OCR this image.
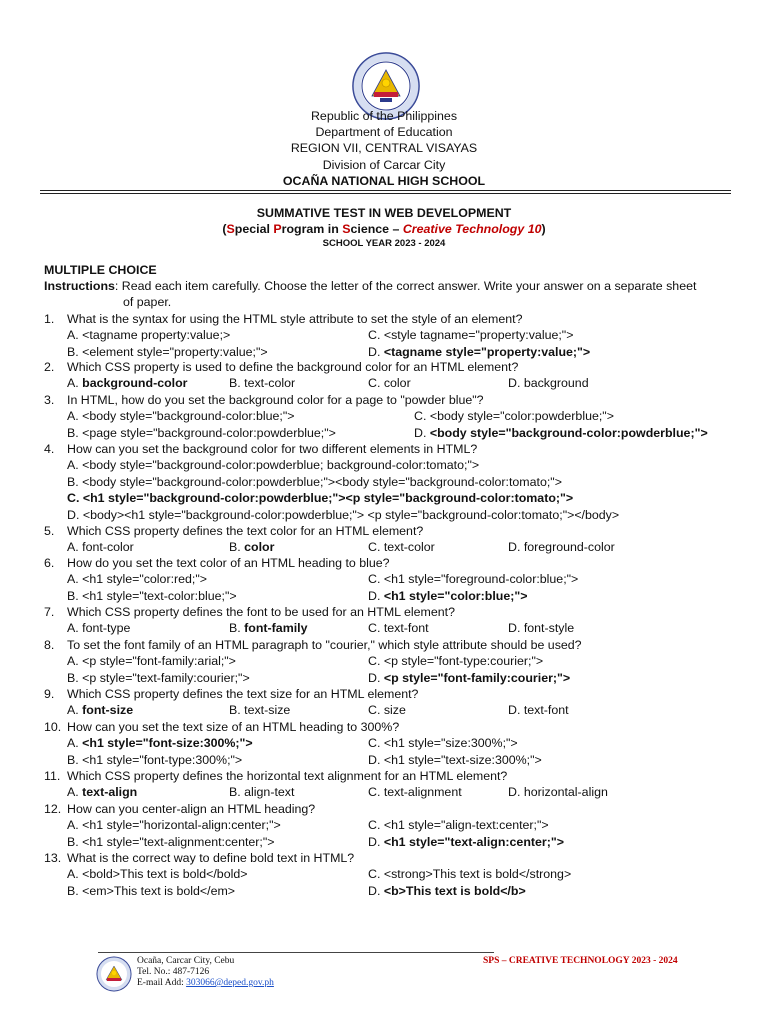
Republic of the Philippines
Department of Education
REGION VII, CENTRAL VISAYAS
Division of Carcar City
OCAÑA NATIONAL HIGH SCHOOL
SUMMATIVE TEST IN WEB DEVELOPMENT
(Special Program in Science – Creative Technology 10)
SCHOOL YEAR 2023 - 2024
MULTIPLE CHOICE
Instructions: Read each item carefully. Choose the letter of the correct answer. Write your answer on a separate sheet
of paper.
1. What is the syntax for using the HTML style attribute to set the style of an element?
A. <tagname property:value;>	C. <style tagname="property:value;">
B. <element style="property:value;">	D. <tagname style="property:value;">
2. Which CSS property is used to define the background color for an HTML element?
A. background-color	B. text-color	C. color	D. background
3. In HTML, how do you set the background color for a page to "powder blue"?
A. <body style="background-color:blue;">	C. <body style="color:powderblue;">
B. <page style="background-color:powderblue;">	D. <body style="background-color:powderblue;">
4. How can you set the background color for two different elements in HTML?
A. <body style="background-color:powderblue; background-color:tomato;">
B. <body style="background-color:powderblue;"><body style="background-color:tomato;">
C. <h1 style="background-color:powderblue;"><p style="background-color:tomato;">
D. <body><h1 style="background-color:powderblue;"> <p style="background-color:tomato;"></body>
5. Which CSS property defines the text color for an HTML element?
A. font-color	B. color	C. text-color	D. foreground-color
6. How do you set the text color of an HTML heading to blue?
A. <h1 style="color:red;">	C. <h1 style="foreground-color:blue;">
B. <h1 style="text-color:blue;">	D. <h1 style="color:blue;">
7. Which CSS property defines the font to be used for an HTML element?
A. font-type	B. font-family	C. text-font	D. font-style
8. To set the font family of an HTML paragraph to "courier," which style attribute should be used?
A. <p style="font-family:arial;">	C. <p style="font-type:courier;">
B. <p style="text-family:courier;">	D. <p style="font-family:courier;">
9. Which CSS property defines the text size for an HTML element?
A. font-size	B. text-size	C. size	D. text-font
10. How can you set the text size of an HTML heading to 300%?
A. <h1 style="font-size:300%;">	C. <h1 style="size:300%;">
B. <h1 style="font-type:300%;">	D. <h1 style="text-size:300%;">
11. Which CSS property defines the horizontal text alignment for an HTML element?
A. text-align	B. align-text	C. text-alignment	D. horizontal-align
12. How can you center-align an HTML heading?
A. <h1 style="horizontal-align:center;">	C. <h1 style="align-text:center;">
B. <h1 style="text-alignment:center;">	D. <h1 style="text-align:center;">
13. What is the correct way to define bold text in HTML?
A. <bold>This text is bold</bold>	C. <strong>This text is bold</strong>
B. <em>This text is bold</em>	D. <b>This text is bold</b>
Ocaña, Carcar City, Cebu
Tel. No.: 487-7126
E-mail Add: 303066@deped.gov.ph
SPS – CREATIVE TECHNOLOGY 2023 - 2024
